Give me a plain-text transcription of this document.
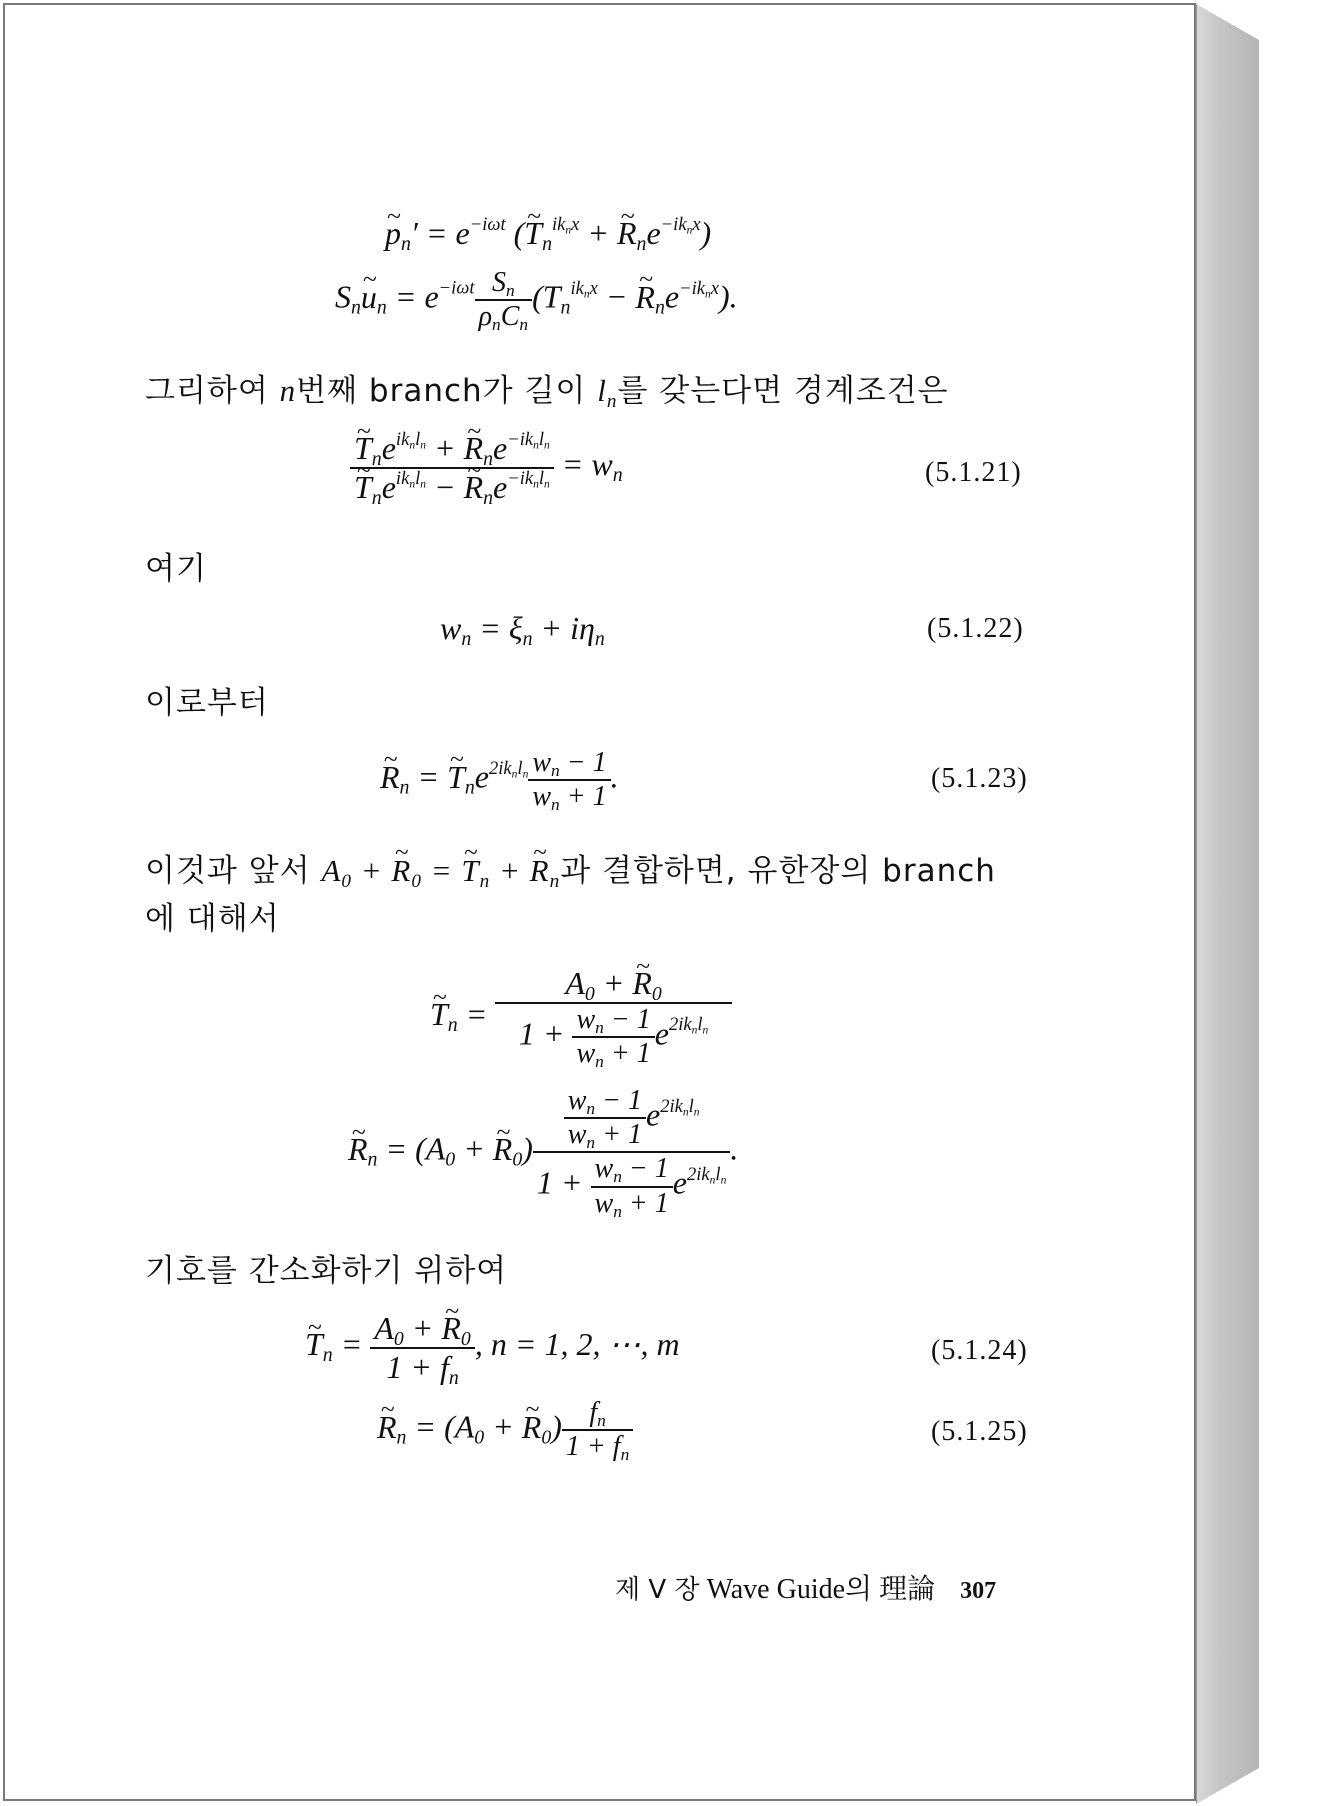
~ $p_n' = e^{-i\omega t}$ (~ $T_n^{ik_nx}$ + ~ $R_ne^{-ik_nx}$)
$S_n\sim$ $u_n = e^{-i\omega t} \frac{S_n}{\rho_nC_n} (T_n^{ik_nx}$ − ~ $R_ne^{-ik_nx}$).
그리하여 n번째 branch가 길이 $l_n$를 갖는다면 경계조건은
~ $T_ne^{ik_nl_n}$ + ~ $R_ne^{-ik_nl_n}$
~ $T_ne^{ik_nl_n}$ − ~ $R_ne^{-ik_nl_n} = w_n$	(5.1.21)
여기
$w_n = \xi_n + i\eta_n$	(5.1.22)
이로부터
~ $R_n$ = ~ $T_ne^{2ik_nl_n} \frac{w_n - 1}{w_n + 1}$ .	(5.1.23)
이것과 앞서 $A_0$ + ~ $R_0$ = ~ $T_n$ + ~ $R_n$과 결합하면, 유한장의 branch
에 대해서
~ $T_n = \frac{A_0 + \sim R_0}{1 + \frac{w_n - 1}{w_n + 1} e^{2ik_nl_n}}$
~ $R_n = (A_0$ + ~ $R_0) \frac{\frac{w_n - 1}{w_n + 1} e^{2ik_nl_n}}{1 + \frac{w_n - 1}{w_n + 1} e^{2ik_nl_n}}$ .
기호를 간소화하기 위하여
~ $T_n = \frac{A_0 + \sim R_0}{1 + f_n}$ , n = 1, 2, ⋯, m	(5.1.24)
~ $R_n = (A_0$ + ~ $R_0) \frac{f_n}{1 + f_n}$	(5.1.25)
제 V 장 Wave Guide의 理論 307
